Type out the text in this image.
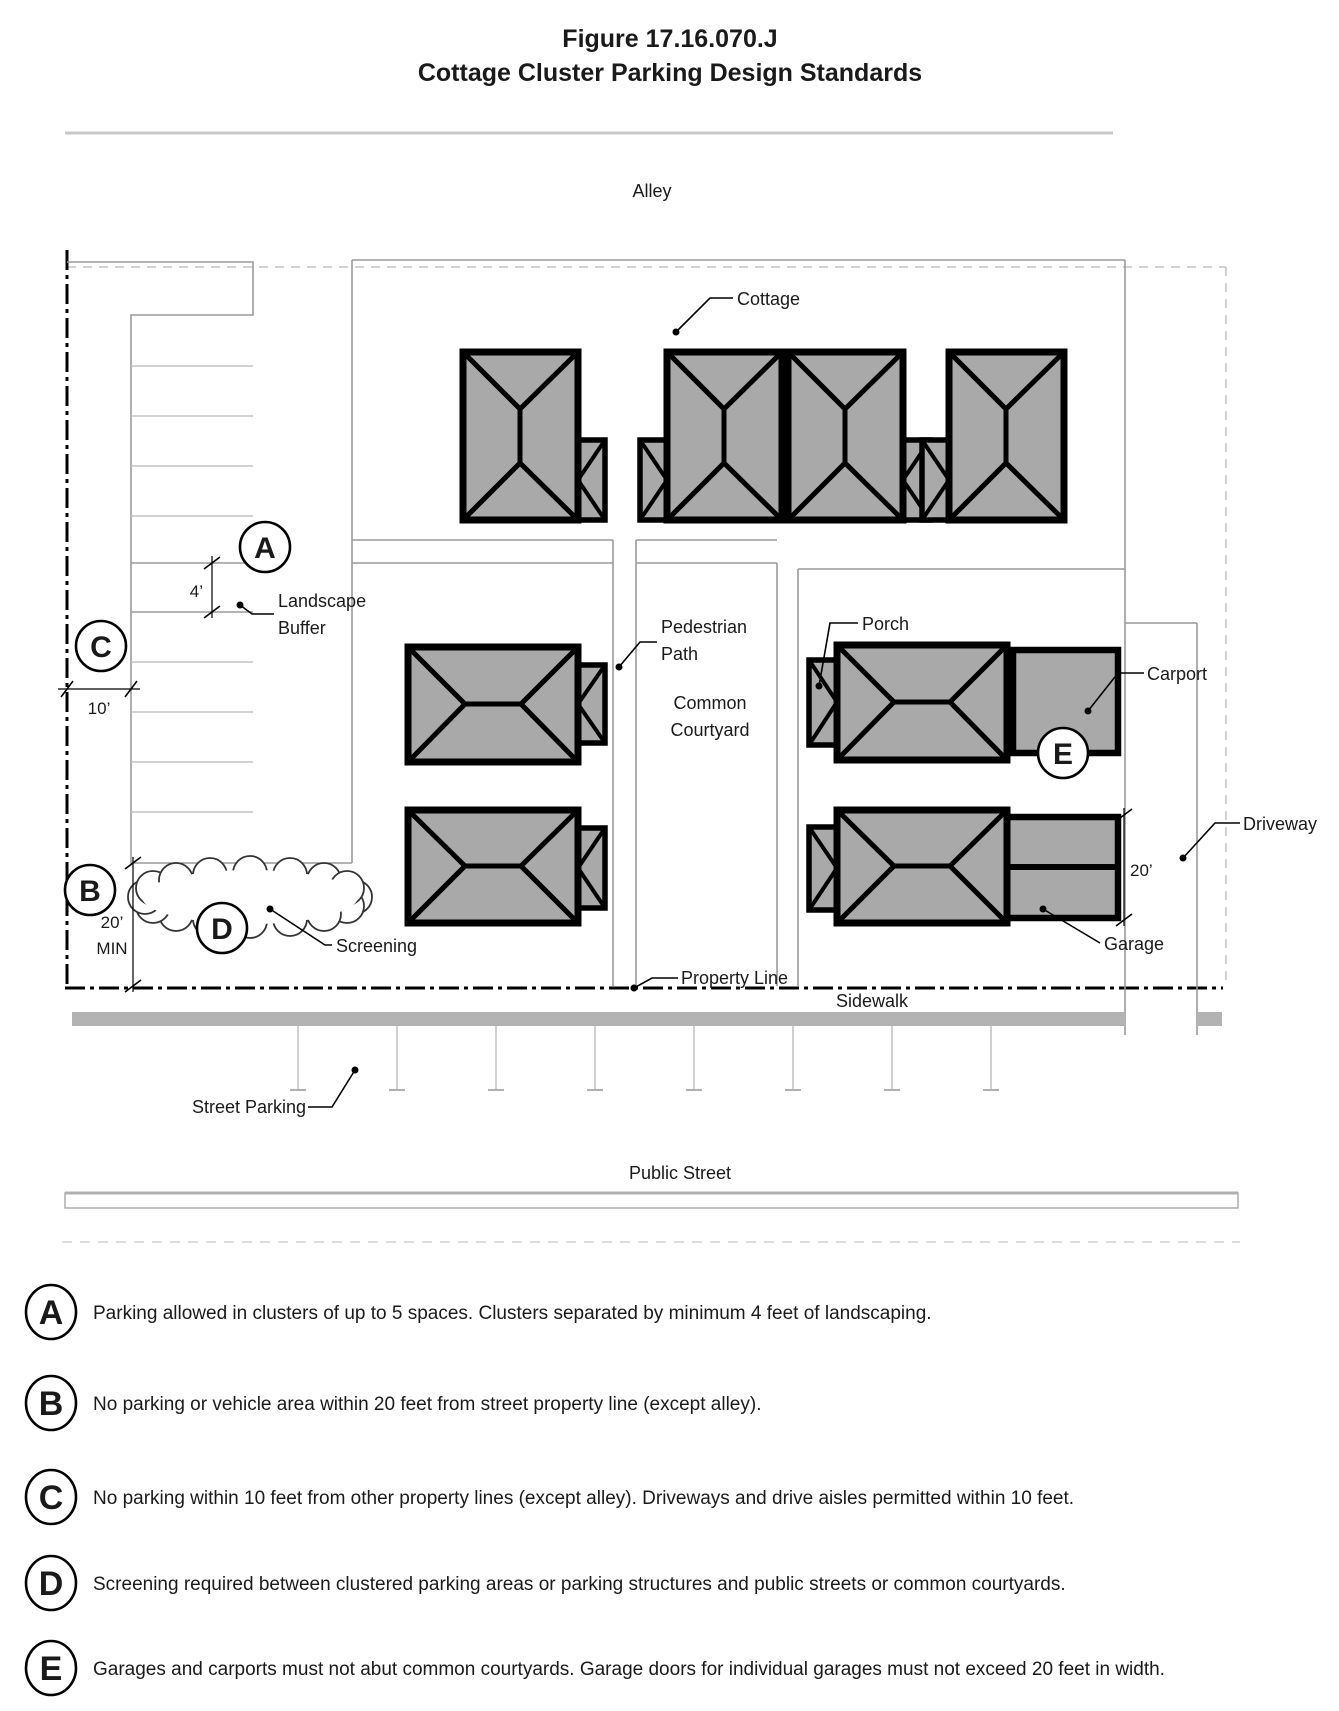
Figure 17.16.070.J
Cottage Cluster Parking Design Standards
Alley
4’
10’
20’
MIN
20’
Cottage
Landscape
Buffer	Pedestrian
Path
Common
Courtyard
Porch
Carport
Driveway
Garage
Screening
Property Line
Sidewalk
Street Parking
Public Street
A
C
B
D
E
A Parking allowed in clusters of up to 5 spaces. Clusters separated by minimum 4 feet of landscaping.
B No parking or vehicle area within 20 feet from street property line (except alley).
C No parking within 10 feet from other property lines (except alley). Driveways and drive aisles permitted within 10 feet.
D Screening required between clustered parking areas or parking structures and public streets or common courtyards.
E Garages and carports must not abut common courtyards. Garage doors for individual garages must not exceed 20 feet in width.
